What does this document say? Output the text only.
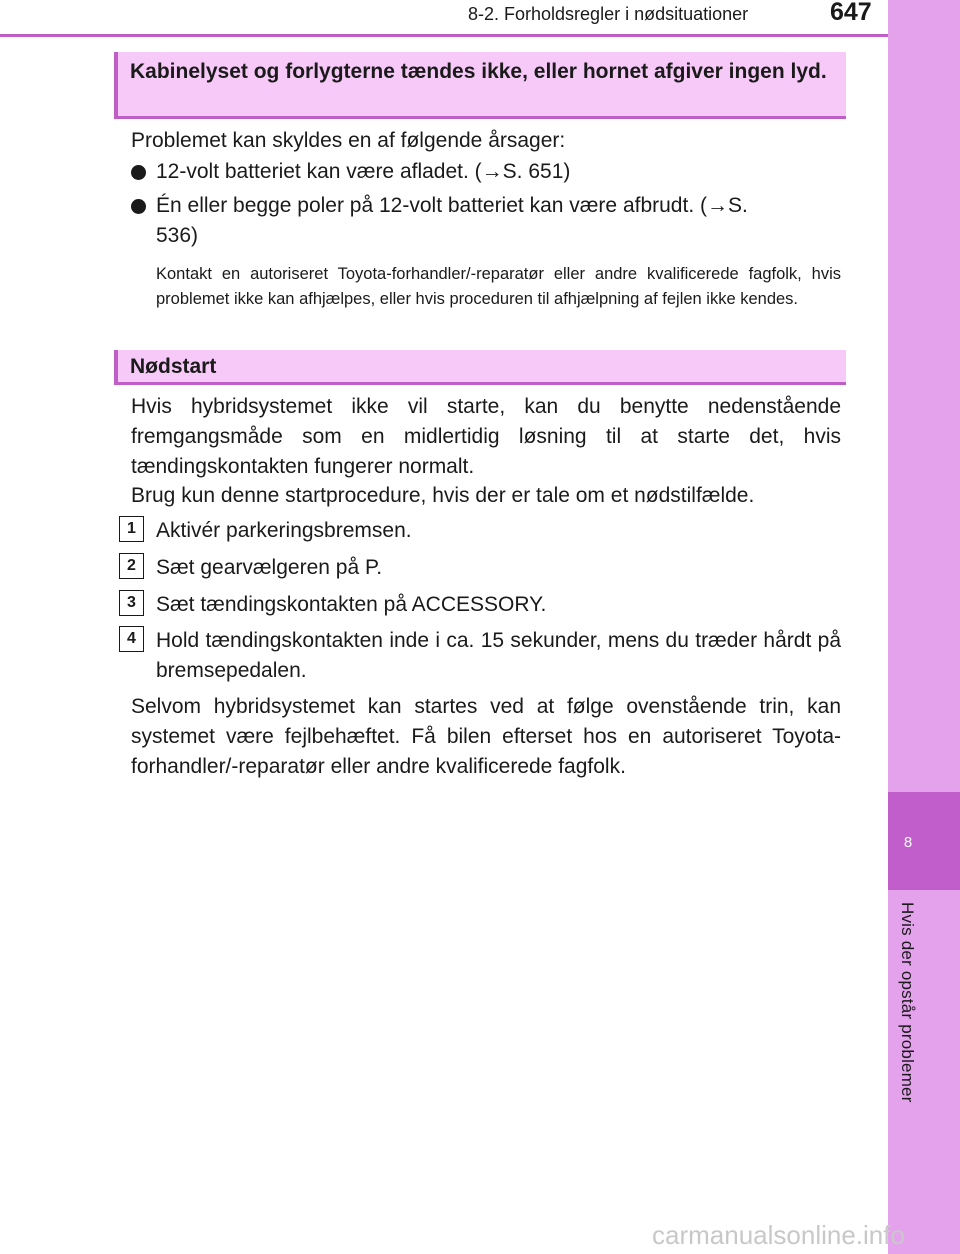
8-2. Forholdsregler i nødsituationer	647
8
Hvis der opstår problemer
Kabinelyset og forlygterne tændes ikke, eller hornet afgiver ingen lyd.
Problemet kan skyldes en af følgende årsager:
12-volt batteriet kan være afladet. (→S. 651)
Én eller begge poler på 12-volt batteriet kan være afbrudt. (→S. 536)
Kontakt en autoriseret Toyota-forhandler/-reparatør eller andre kvalificerede fagfolk, hvis problemet ikke kan afhjælpes, eller hvis proceduren til afhjælpning af fejlen ikke kendes.
Nødstart
Hvis hybridsystemet ikke vil starte, kan du benytte nedenstående fremgangsmåde som en midlertidig løsning til at starte det, hvis tændingskontakten fungerer normalt.
Brug kun denne startprocedure, hvis der er tale om et nødstilfælde.
1 Aktivér parkeringsbremsen.
2 Sæt gearvælgeren på P.
3 Sæt tændingskontakten på ACCESSORY.
4 Hold tændingskontakten inde i ca. 15 sekunder, mens du træder hårdt på bremsepedalen.
Selvom hybridsystemet kan startes ved at følge ovenstående trin, kan systemet være fejlbehæftet. Få bilen efterset hos en autoriseret Toyota-forhandler/-reparatør eller andre kvalificerede fagfolk.
carmanualsonline.info
